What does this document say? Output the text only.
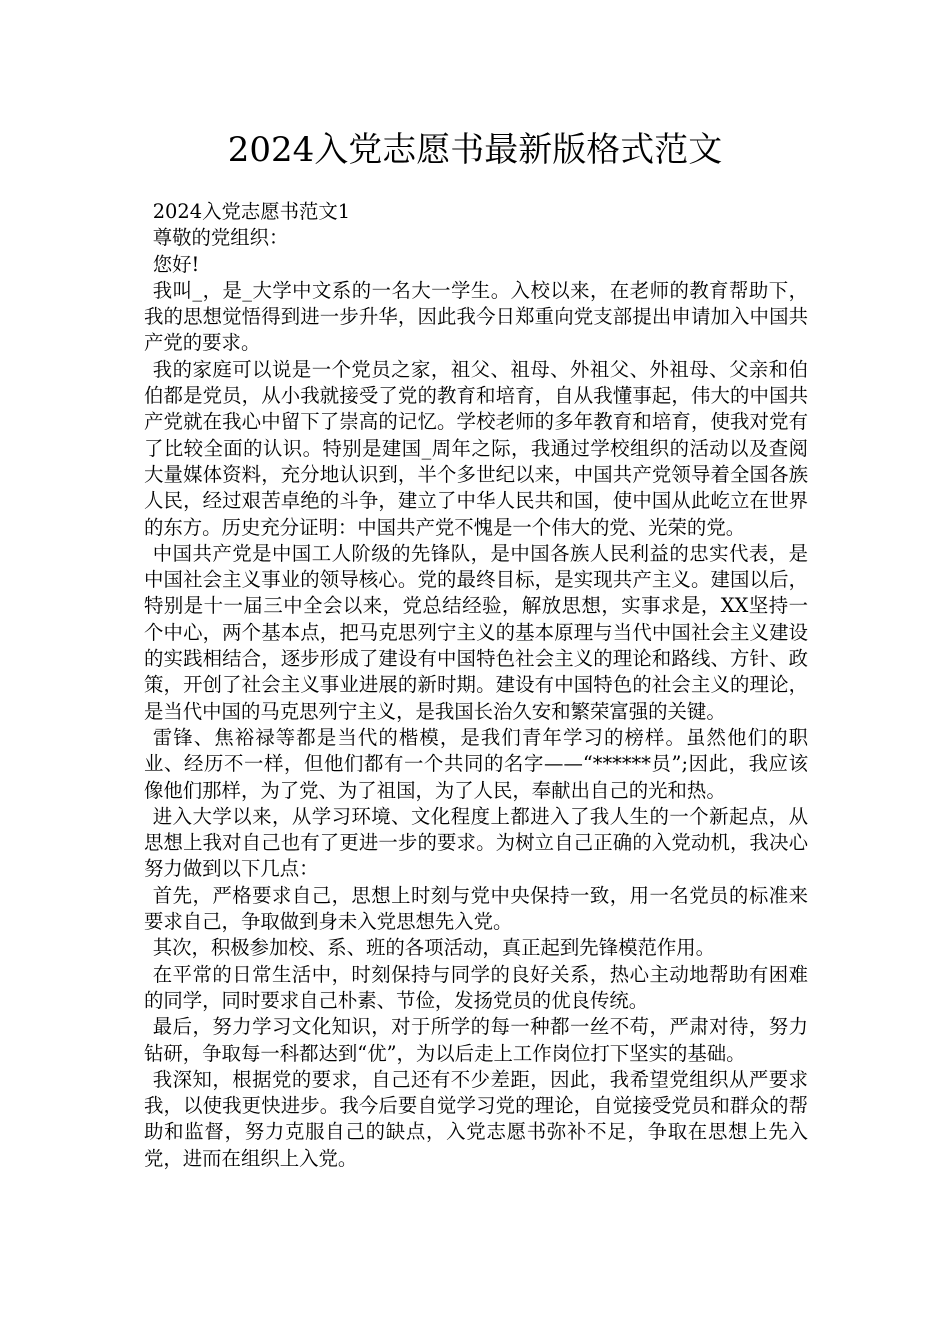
2024入党志愿书最新版格式范文

2024入党志愿书范文1

尊敬的党组织：

您好!

我叫_，是_大学中文系的一名大一学生。入校以来，在老师的教育帮助下，我的思想觉悟得到进一步升华，因此我今日郑重向党支部提出申请加入中国共产党的要求。

我的家庭可以说是一个党员之家，祖父、祖母、外祖父、外祖母、父亲和伯伯都是党员，从小我就接受了党的教育和培育，自从我懂事起，伟大的中国共产党就在我心中留下了崇高的记忆。学校老师的多年教育和培育，使我对党有了比较全面的认识。特别是建国_周年之际，我通过学校组织的活动以及查阅大量媒体资料，充分地认识到，半个多世纪以来，中国共产党领导着全国各族人民，经过艰苦卓绝的斗争，建立了中华人民共和国，使中国从此屹立在世界的东方。历史充分证明：中国共产党不愧是一个伟大的党、光荣的党。

中国共产党是中国工人阶级的先锋队，是中国各族人民利益的忠实代表，是中国社会主义事业的领导核心。党的最终目标，是实现共产主义。建国以后，特别是十一届三中全会以来，党总结经验，解放思想，实事求是，XX坚持一个中心，两个基本点，把马克思列宁主义的基本原理与当代中国社会主义建设的实践相结合，逐步形成了建设有中国特色社会主义的理论和路线、方针、政策，开创了社会主义事业进展的新时期。建设有中国特色的社会主义的理论，是当代中国的马克思列宁主义，是我国长治久安和繁荣富强的关键。

雷锋、焦裕禄等都是当代的楷模，是我们青年学习的榜样。虽然他们的职业、经历不一样，但他们都有一个共同的名字——“******员”;因此，我应该像他们那样，为了党、为了祖国，为了人民，奉献出自己的光和热。

进入大学以来，从学习环境、文化程度上都进入了我人生的一个新起点，从思想上我对自己也有了更进一步的要求。为树立自己正确的入党动机，我决心努力做到以下几点：

首先，严格要求自己，思想上时刻与党中央保持一致，用一名党员的标准来要求自己，争取做到身未入党思想先入党。

其次，积极参加校、系、班的各项活动，真正起到先锋模范作用。

在平常的日常生活中，时刻保持与同学的良好关系，热心主动地帮助有困难的同学，同时要求自己朴素、节俭，发扬党员的优良传统。

最后，努力学习文化知识，对于所学的每一种都一丝不苟，严肃对待，努力钻研，争取每一科都达到“优”，为以后走上工作岗位打下坚实的基础。

我深知，根据党的要求，自己还有不少差距，因此，我希望党组织从严要求我，以使我更快进步。我今后要自觉学习党的理论，自觉接受党员和群众的帮助和监督，努力克服自己的缺点，入党志愿书弥补不足，争取在思想上先入党，进而在组织上入党。
